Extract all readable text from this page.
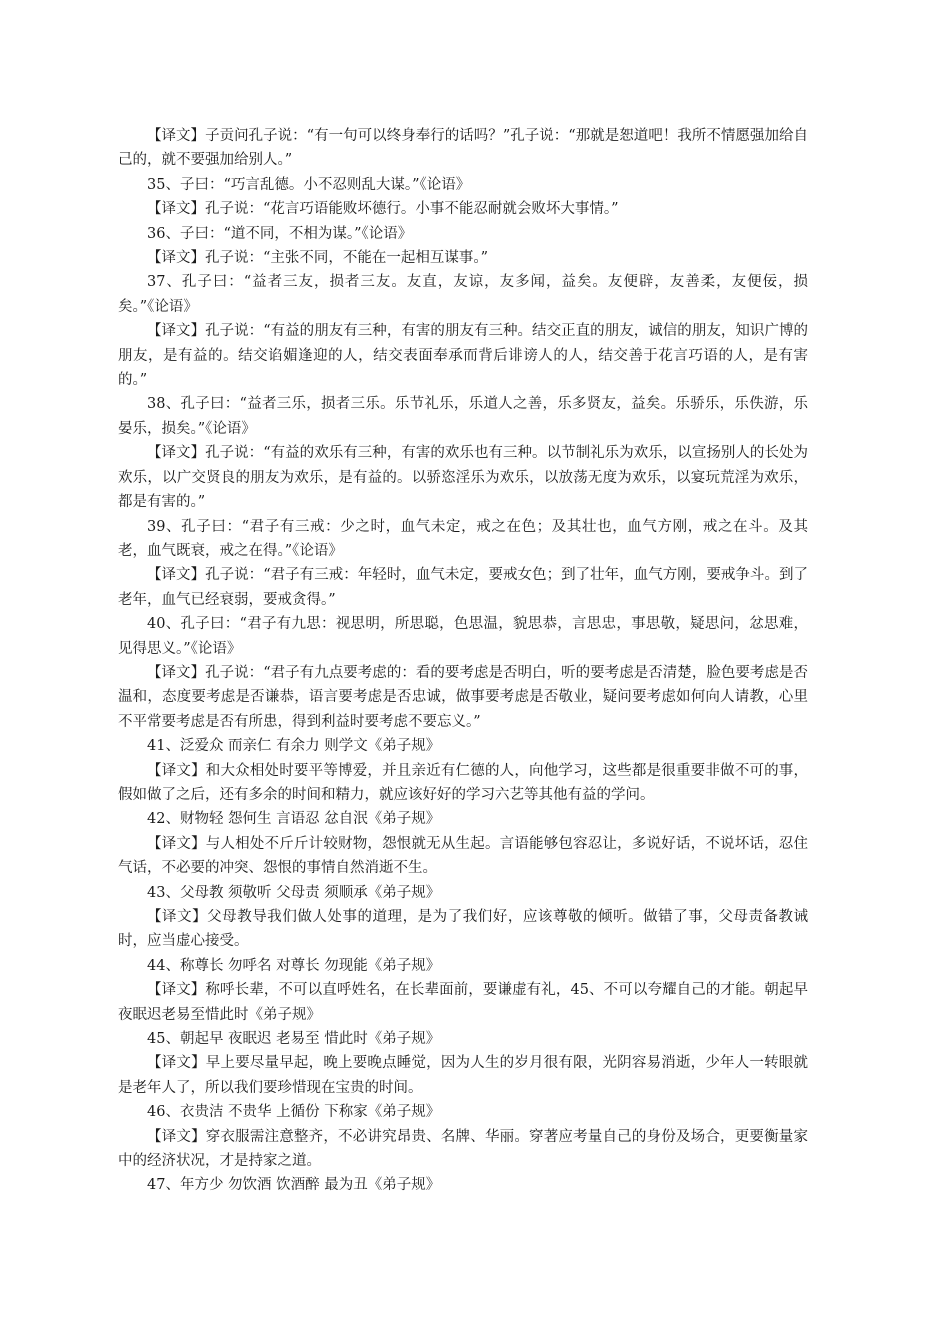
【译文】子贡问孔子说：“有一句可以终身奉行的话吗？”孔子说：“那就是恕道吧！我所不情愿强加给自己的，就不要强加给别人。”

35、子曰：“巧言乱德。小不忍则乱大谋。”《论语》

【译文】孔子说：“花言巧语能败坏德行。小事不能忍耐就会败坏大事情。”

36、子曰：“道不同，不相为谋。”《论语》

【译文】孔子说：“主张不同，不能在一起相互谋事。”

37、孔子曰：“益者三友，损者三友。友直，友谅，友多闻，益矣。友便辟，友善柔，友便佞，损矣。”《论语》

【译文】孔子说：“有益的朋友有三种，有害的朋友有三种。结交正直的朋友，诚信的朋友，知识广博的朋友，是有益的。结交谄媚逢迎的人，结交表面奉承而背后诽谤人的人，结交善于花言巧语的人，是有害的。”

38、孔子曰：“益者三乐，损者三乐。乐节礼乐，乐道人之善，乐多贤友，益矣。乐骄乐，乐佚游，乐晏乐，损矣。”《论语》

【译文】孔子说：“有益的欢乐有三种，有害的欢乐也有三种。以节制礼乐为欢乐，以宣扬别人的长处为欢乐，以广交贤良的朋友为欢乐，是有益的。以骄恣淫乐为欢乐，以放荡无度为欢乐，以宴玩荒淫为欢乐，都是有害的。”

39、孔子曰：“君子有三戒：少之时，血气未定，戒之在色；及其壮也，血气方刚，戒之在斗。及其老，血气既衰，戒之在得。”《论语》

【译文】孔子说：“君子有三戒：年轻时，血气未定，要戒女色；到了壮年，血气方刚，要戒争斗。到了老年，血气已经衰弱，要戒贪得。”

40、孔子曰：“君子有九思：视思明，所思聪，色思温，貌思恭，言思忠，事思敬，疑思问，忿思难，见得思义。”《论语》

【译文】孔子说：“君子有九点要考虑的：看的要考虑是否明白，听的要考虑是否清楚，脸色要考虑是否温和，态度要考虑是否谦恭，语言要考虑是否忠诚，做事要考虑是否敬业，疑问要考虑如何向人请教，心里不平常要考虑是否有所患，得到利益时要考虑不要忘义。”

41、泛爱众 而亲仁 有余力 则学文《弟子规》

【译文】和大众相处时要平等博爱，并且亲近有仁德的人，向他学习，这些都是很重要非做不可的事，假如做了之后，还有多余的时间和精力，就应该好好的学习六艺等其他有益的学问。

42、财物轻 怨何生 言语忍 忿自泯《弟子规》

【译文】与人相处不斤斤计较财物，怨恨就无从生起。言语能够包容忍让，多说好话，不说坏话，忍住气话，不必要的冲突、怨恨的事情自然消逝不生。

43、父母教 须敬听 父母责 须顺承《弟子规》

【译文】父母教导我们做人处事的道理，是为了我们好，应该尊敬的倾听。做错了事，父母责备教诫时，应当虚心接受。

44、称尊长 勿呼名 对尊长 勿现能《弟子规》

【译文】称呼长辈，不可以直呼姓名，在长辈面前，要谦虚有礼，45、不可以夸耀自己的才能。朝起早夜眠迟老易至惜此时《弟子规》

45、朝起早 夜眠迟 老易至 惜此时《弟子规》

【译文】早上要尽量早起，晚上要晚点睡觉，因为人生的岁月很有限，光阴容易消逝，少年人一转眼就是老年人了，所以我们要珍惜现在宝贵的时间。

46、衣贵洁 不贵华 上循份 下称家《弟子规》

【译文】穿衣服需注意整齐，不必讲究昂贵、名牌、华丽。穿著应考量自己的身份及场合，更要衡量家中的经济状况，才是持家之道。

47、年方少 勿饮酒 饮酒醉 最为丑《弟子规》
